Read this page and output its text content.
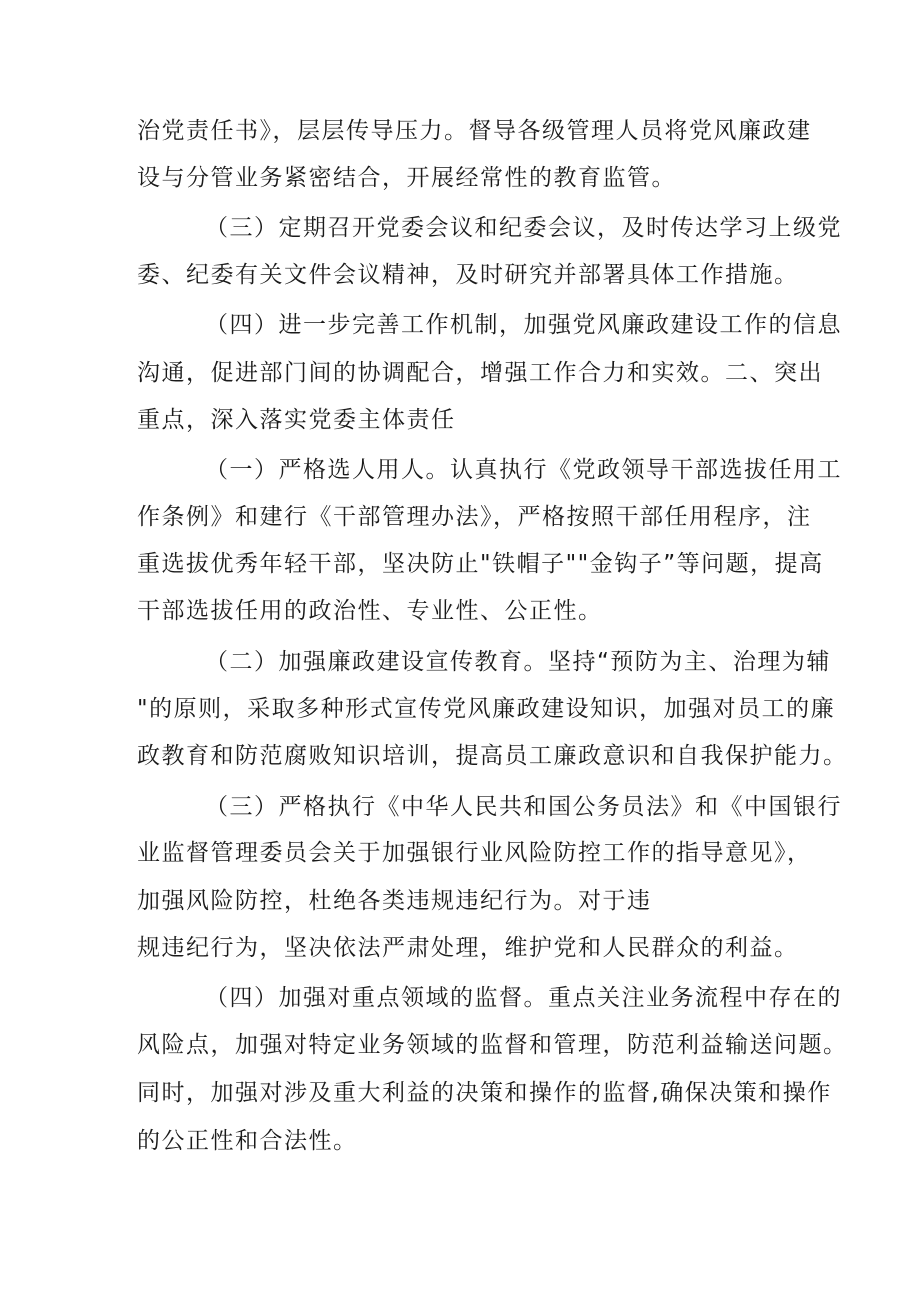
治党责任书》，层层传导压力。督导各级管理人员将党风廉政建
设与分管业务紧密结合，开展经常性的教育监管。
（三）定期召开党委会议和纪委会议，及时传达学习上级党
委、纪委有关文件会议精神，及时研究并部署具体工作措施。
（四）进一步完善工作机制，加强党风廉政建设工作的信息
沟通，促进部门间的协调配合，增强工作合力和实效。二、突出
重点，深入落实党委主体责任
（一）严格选人用人。认真执行《党政领导干部选拔任用工
作条例》和建行《干部管理办法》，严格按照干部任用程序，注
重选拔优秀年轻干部，坚决防止"铁帽子""金钩子”等问题，提高
干部选拔任用的政治性、专业性、公正性。
（二）加强廉政建设宣传教育。坚持“预防为主、治理为辅
"的原则，采取多种形式宣传党风廉政建设知识，加强对员工的廉
政教育和防范腐败知识培训，提高员工廉政意识和自我保护能力。
（三）严格执行《中华人民共和国公务员法》和《中国银行
业监督管理委员会关于加强银行业风险防控工作的指导意见》，
加强风险防控，杜绝各类违规违纪行为。对于违
规违纪行为，坚决依法严肃处理，维护党和人民群众的利益。
（四）加强对重点领域的监督。重点关注业务流程中存在的
风险点，加强对特定业务领域的监督和管理，防范利益输送问题。
同时，加强对涉及重大利益的决策和操作的监督,确保决策和操作
的公正性和合法性。
